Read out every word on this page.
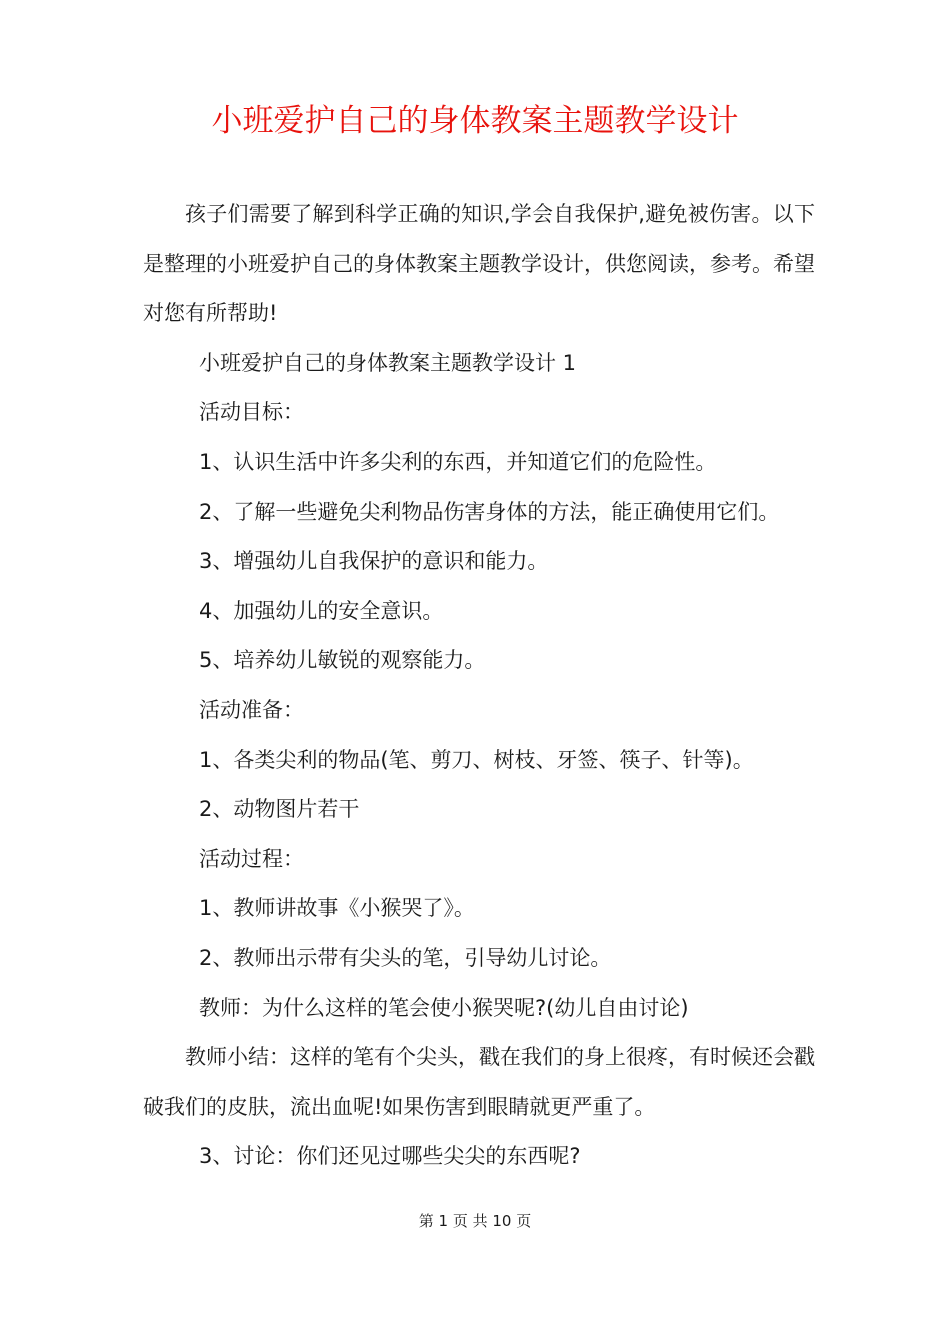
小班爱护自己的身体教案主题教学设计

孩子们需要了解到科学正确的知识,学会自我保护,避免被伤害。以下是整理的小班爱护自己的身体教案主题教学设计，供您阅读，参考。希望对您有所帮助!

小班爱护自己的身体教案主题教学设计 1

活动目标：

1、认识生活中许多尖利的东西，并知道它们的危险性。

2、了解一些避免尖利物品伤害身体的方法，能正确使用它们。

3、增强幼儿自我保护的意识和能力。

4、加强幼儿的安全意识。

5、培养幼儿敏锐的观察能力。

活动准备：

1、各类尖利的物品(笔、剪刀、树枝、牙签、筷子、针等)。

2、动物图片若干

活动过程：

1、教师讲故事《小猴哭了》。

2、教师出示带有尖头的笔，引导幼儿讨论。

教师：为什么这样的笔会使小猴哭呢?(幼儿自由讨论)

教师小结：这样的笔有个尖头，戳在我们的身上很疼，有时候还会戳破我们的皮肤，流出血呢!如果伤害到眼睛就更严重了。

3、讨论：你们还见过哪些尖尖的东西呢?

第 1 页 共 10 页
